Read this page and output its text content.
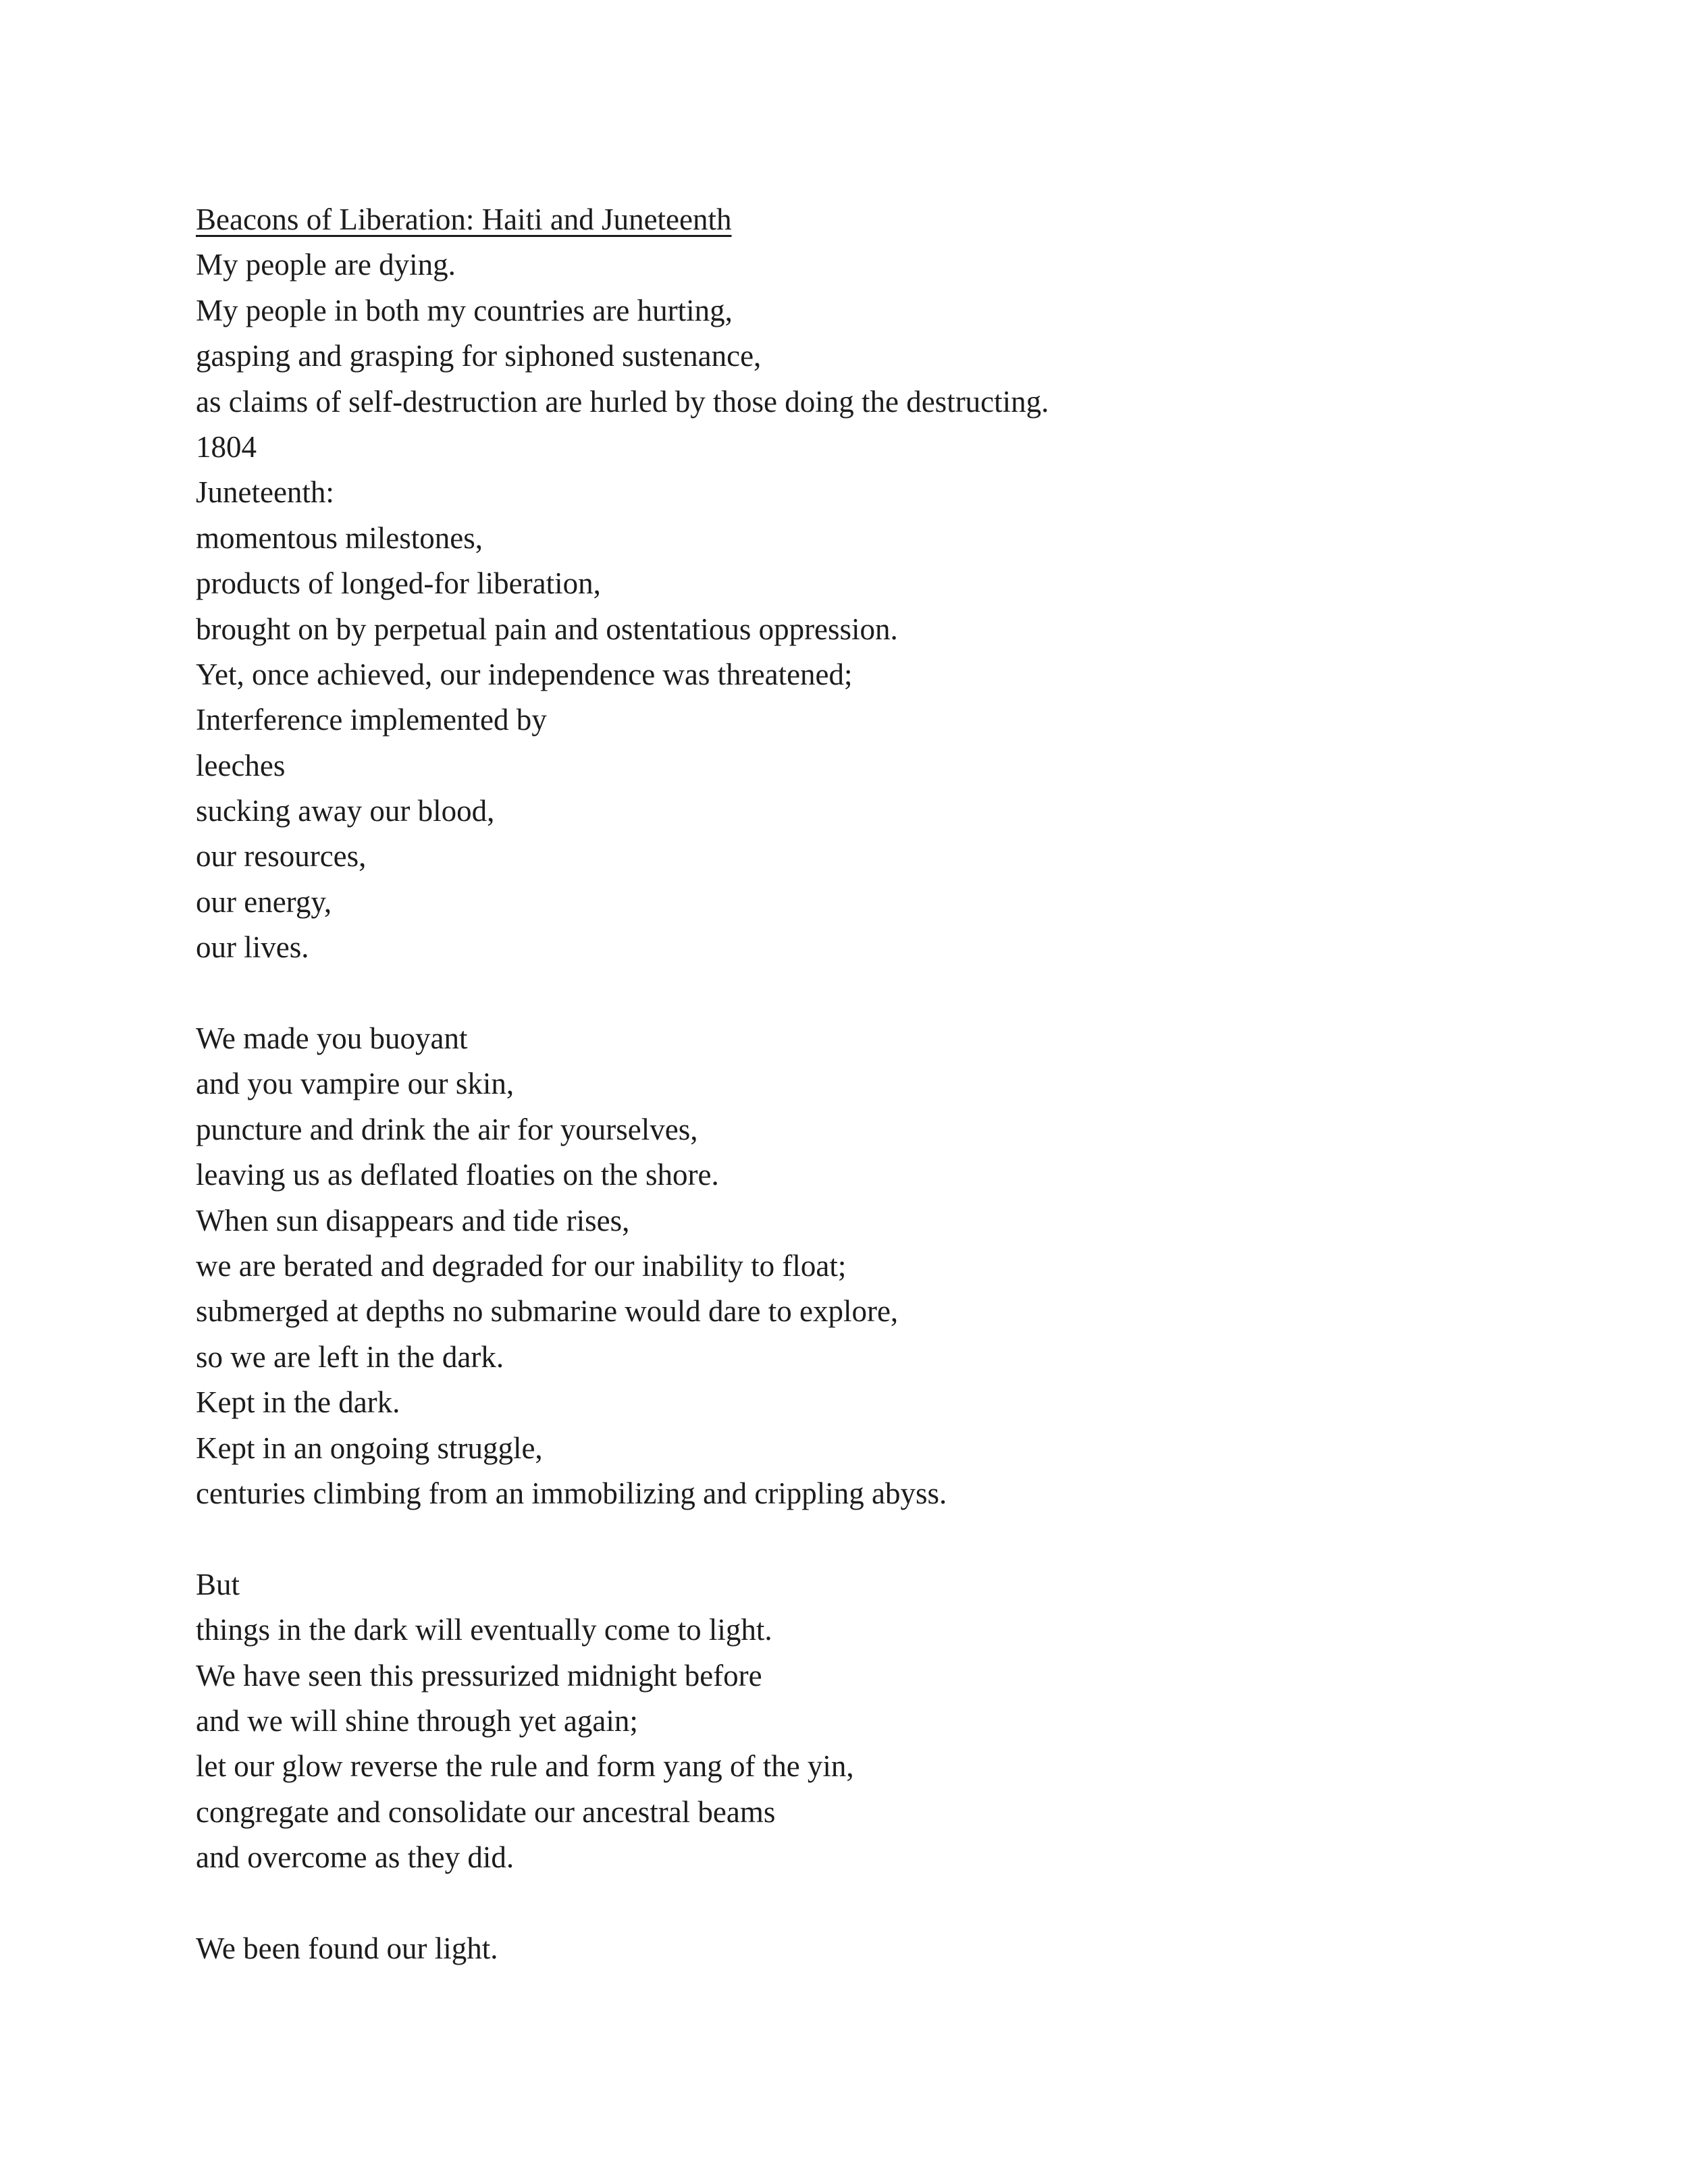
Beacons of Liberation: Haiti and Juneteenth
My people are dying.
My people in both my countries are hurting,
gasping and grasping for siphoned sustenance,
as claims of self-destruction are hurled by those doing the destructing.
1804
Juneteenth:
momentous milestones,
products of longed-for liberation,
brought on by perpetual pain and ostentatious oppression.
Yet, once achieved, our independence was threatened;
Interference implemented by
leeches
sucking away our blood,
our resources,
our energy,
our lives.
We made you buoyant
and you vampire our skin,
puncture and drink the air for yourselves,
leaving us as deflated floaties on the shore.
When sun disappears and tide rises,
we are berated and degraded for our inability to float;
submerged at depths no submarine would dare to explore,
so we are left in the dark.
Kept in the dark.
Kept in an ongoing struggle,
centuries climbing from an immobilizing and crippling abyss.
But
things in the dark will eventually come to light.
We have seen this pressurized midnight before
and we will shine through yet again;
let our glow reverse the rule and form yang of the yin,
congregate and consolidate our ancestral beams
and overcome as they did.
We been found our light.
